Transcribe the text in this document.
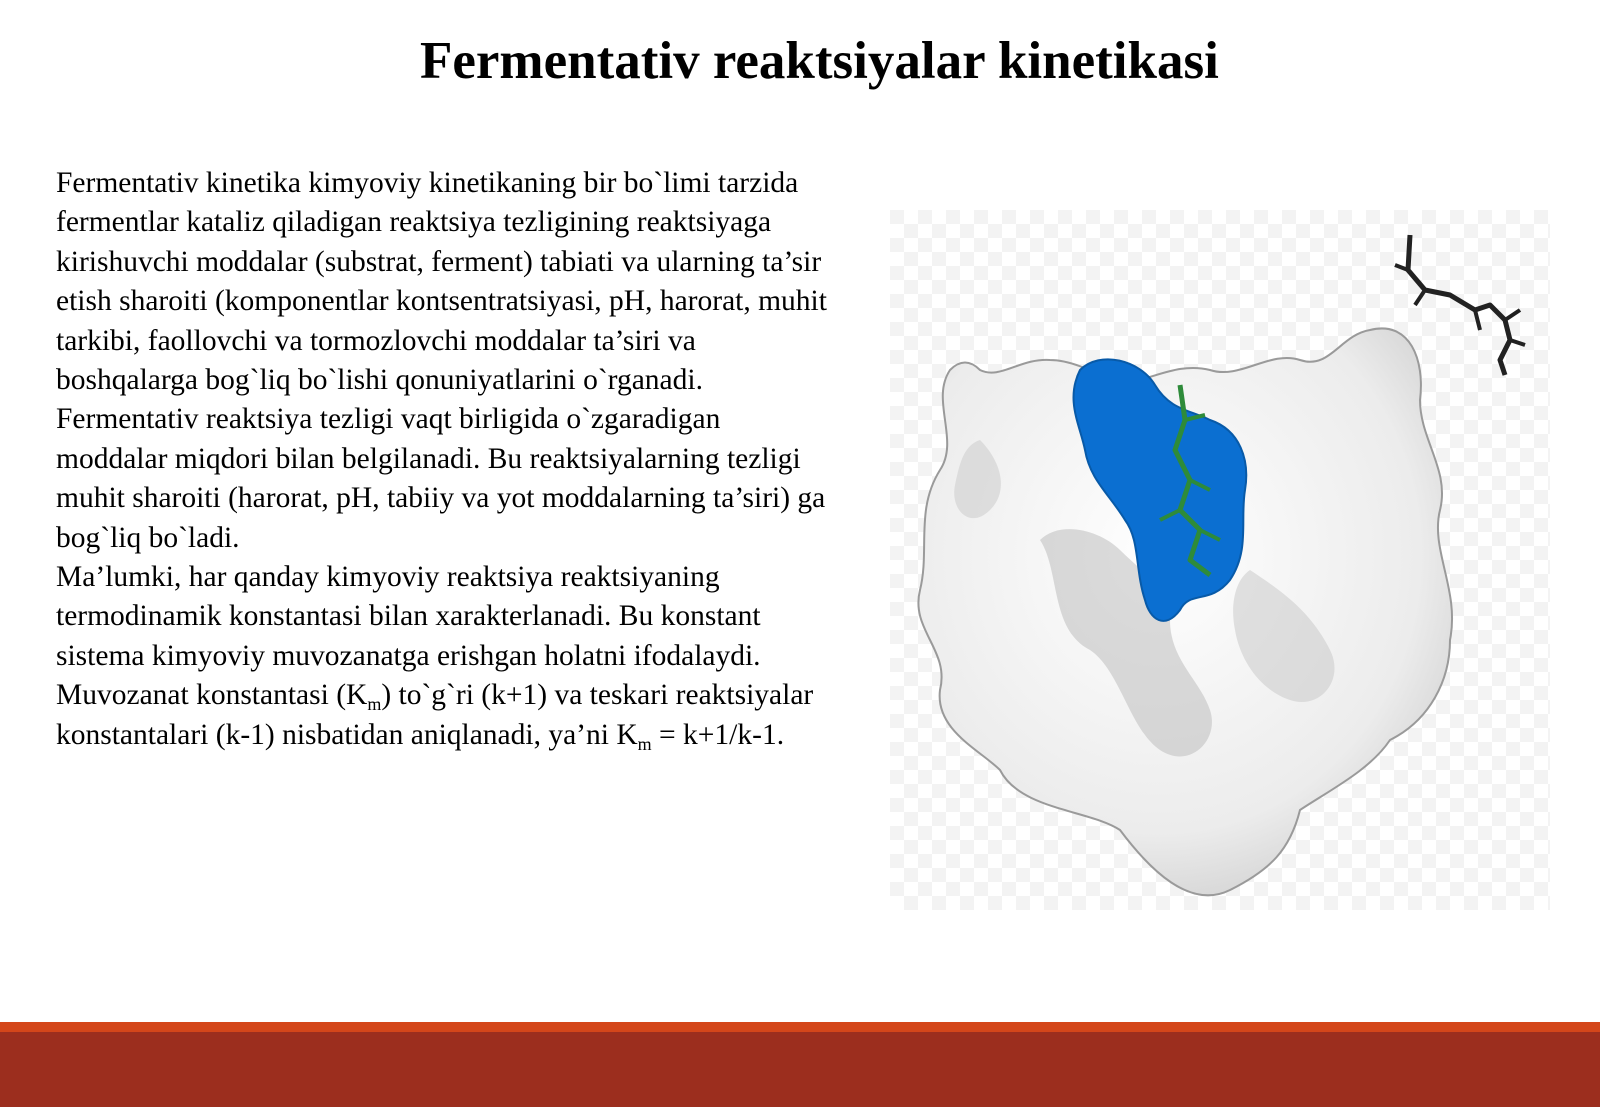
Fermentativ reaktsiyalar kinetikasi

Fermentativ kinetika kimyoviy kinetikaning bir bo`limi tarzida fermentlar kataliz qiladigan reaktsiya tezligining reaktsiyaga kirishuvchi moddalar (substrat, ferment) tabiati va ularning ta’sir etish sharoiti (komponentlar kontsentratsiyasi, pH, harorat, muhit tarkibi, faollovchi va tormozlovchi moddalar ta’siri va boshqalarga bog`liq bo`lishi qonuniyatlarini o`rganadi.

Fermentativ reaktsiya tezligi vaqt birligida o`zgaradigan moddalar miqdori bilan belgilanadi. Bu reaktsiyalarning tezligi muhit sharoiti (harorat, pH, tabiiy va yot moddalarning ta’siri) ga bog`liq bo`ladi.

Ma’lumki, har qanday kimyoviy reaktsiya reaktsiyaning termodinamik konstantasi bilan xarakterlanadi. Bu konstant sistema kimyoviy muvozanatga erishgan holatni ifodalaydi. Muvozanat konstantasi $(K_m)$ to`g`ri (k+1) va teskari reaktsiyalar konstantalari (k-1) nisbatidan aniqlanadi, ya’ni $K_m = k+1/k-1$.
